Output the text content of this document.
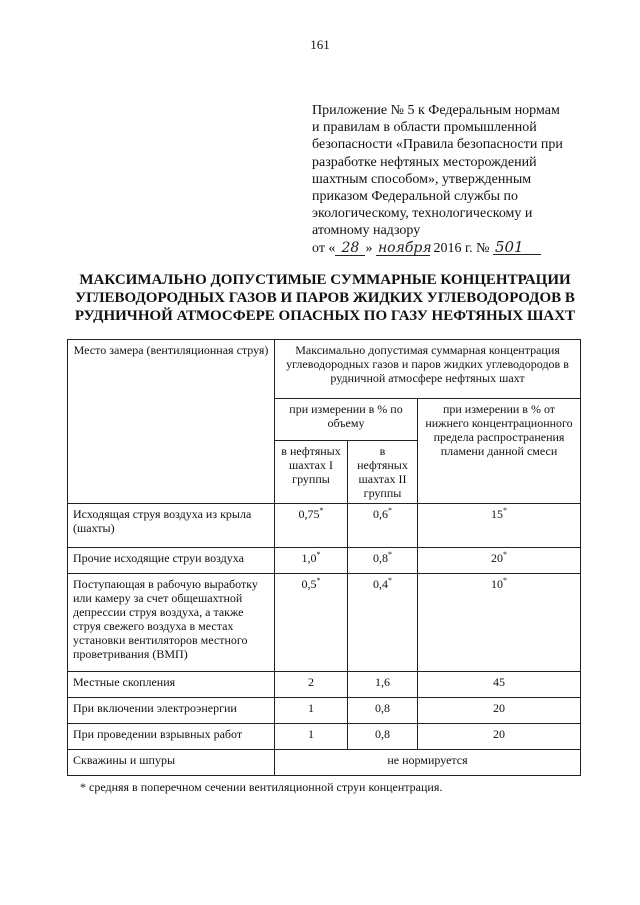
161
Приложение № 5 к Федеральным нормам
и правилам в области промышленной
безопасности «Правила безопасности при
разработке нефтяных месторождений
шахтным способом», утвержденным
приказом Федеральной службы по
экологическому, технологическому и
атомному надзору
от « 28 » ноября 2016 г. № 501
МАКСИМАЛЬНО ДОПУСТИМЫЕ СУММАРНЫЕ КОНЦЕНТРАЦИИ
УГЛЕВОДОРОДНЫХ ГАЗОВ И ПАРОВ ЖИДКИХ УГЛЕВОДОРОДОВ В
РУДНИЧНОЙ АТМОСФЕРЕ ОПАСНЫХ ПО ГАЗУ НЕФТЯНЫХ ШАХТ
Место замера (вентиляционная струя)	Максимально допустимая суммарная концентрация углеводородных газов и паров жидких углеводородов в рудничной атмосфере нефтяных шахт		
	при измерении в % по объему		при измерении в % от нижнего концентрационного предела распространения пламени данной смеси
	в нефтяных шахтах I группы	в нефтяных шахтах II группы	
Исходящая струя воздуха из крыла (шахты)	0,75*	0,6*	15*
Прочие исходящие струи воздуха	1,0*	0,8*	20*
Поступающая в рабочую выработку или камеру за счет общешахтной депрессии струя воздуха, а также струя свежего воздуха в местах установки вентиляторов местного проветривания (ВМП)	0,5*	0,4*	10*
Местные скопления	2	1,6	45
При включении электроэнергии	1	0,8	20
При проведении взрывных работ	1	0,8	20
Скважины и шпуры	не нормируется		
* средняя в поперечном сечении вентиляционной струи концентрация.
